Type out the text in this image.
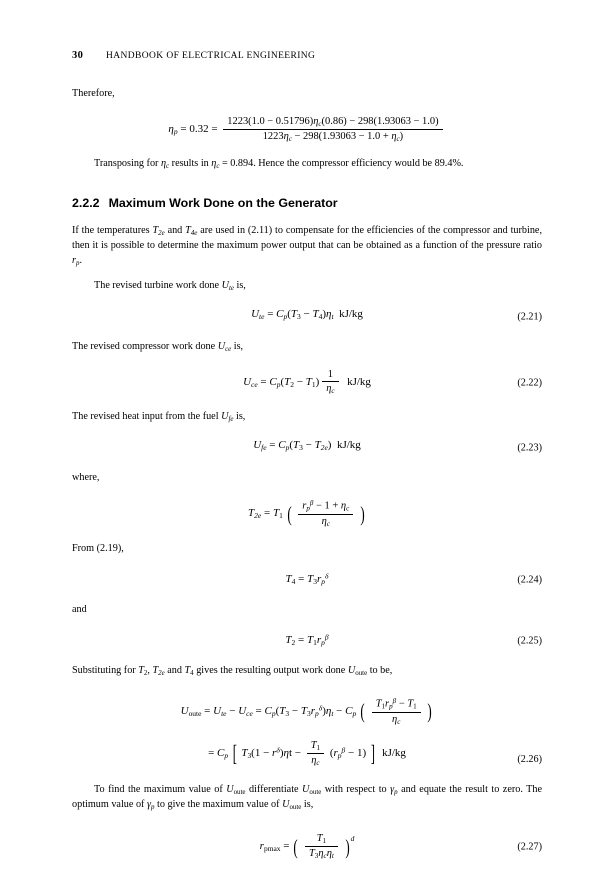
30	HANDBOOK OF ELECTRICAL ENGINEERING

Therefore,

$\eta_p = 0.32 = \frac{1223(1.0 - 0.51796)\eta_c(0.86) - 298(1.93063 - 1.0)}{1223\eta_c - 298(1.93063 - 1.0 + \eta_c)}$

Transposing for $\eta_c$ results in $\eta_c = 0.894$. Hence the compressor efficiency would be 89.4%.

2.2.2 Maximum Work Done on the Generator

If the temperatures $T_{2e}$ and $T_{4e}$ are used in (2.11) to compensate for the efficiencies of the compressor and turbine, then it is possible to determine the maximum power output that can be obtained as a function of the pressure ratio $r_p$.

The revised turbine work done $U_{te}$ is,

$U_{te} = C_p(T_3 - T_4)\eta_t$  kJ/kg	(2.21)

The revised compressor work done $U_{ce}$ is,

$U_{ce} = C_p(T_2 - T_1) \frac{1}{\eta_c} kJ/kg$	(2.22)

The revised heat input from the fuel $U_{fe}$ is,

$U_{fe} = C_p(T_3 - T_{2e})$  kJ/kg	(2.23)

where,

$T_{2e} = T_1$ ( $\frac{r_p^\beta - 1 + \eta_c}{\eta_c}$ )

From (2.19),

$T_4 = T_3r_p^\delta$	(2.24)

and

$T_2 = T_1r_p^\beta$	(2.25)

Substituting for $T_2$, $T_{2e}$ and $T_4$ gives the resulting output work done $U_{oute}$ to be,

$U_{oute} = U_{te} - U_{ce} = C_p(T_3 - T_3r_p^\delta)\eta_t - C_p$ ( $\frac{T_1r_p^\beta - T_1}{\eta_c}$ )
= $C_p$ [ $T_3(1 - r^\delta)\eta t - \frac{T_1}{\eta_c} (r_p^\beta - 1)$ ]  kJ/kg
(2.26)

To find the maximum value of $U_{oute}$ differentiate $U_{oute}$ with respect to $\gamma_p$ and equate the result to zero. The optimum value of $\gamma_p$ to give the maximum value of $U_{oute}$ is,

$r_{pmax}$ = ( $\frac{T_1}{T_3\eta_c\eta_t} )^d$
(2.27)
